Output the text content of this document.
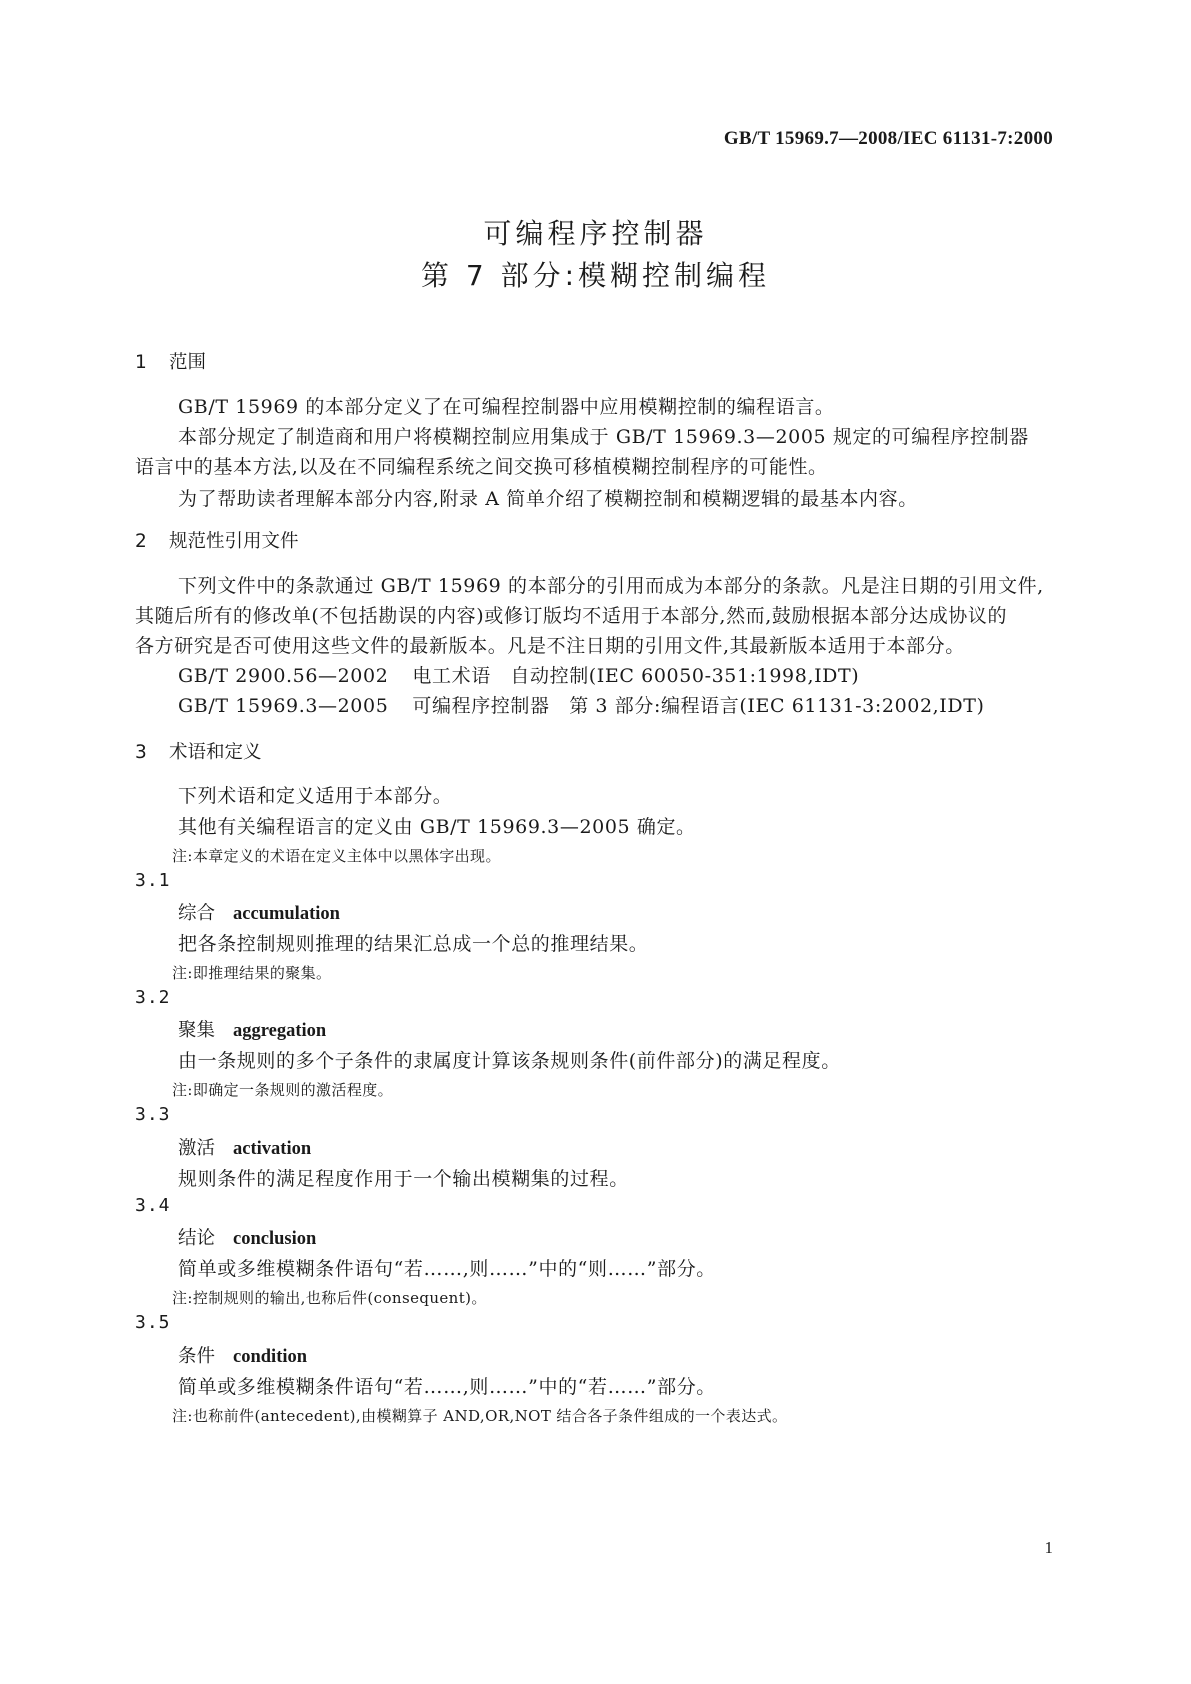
GB/T 15969.7—2008/IEC 61131-7:2000
可编程序控制器
第 7 部分:模糊控制编程
1 范围
GB/T 15969 的本部分定义了在可编程控制器中应用模糊控制的编程语言。
本部分规定了制造商和用户将模糊控制应用集成于 GB/T 15969.3—2005 规定的可编程序控制器
语言中的基本方法,以及在不同编程系统之间交换可移植模糊控制程序的可能性。
为了帮助读者理解本部分内容,附录 A 简单介绍了模糊控制和模糊逻辑的最基本内容。
2 规范性引用文件
下列文件中的条款通过 GB/T 15969 的本部分的引用而成为本部分的条款。凡是注日期的引用文件,
其随后所有的修改单(不包括勘误的内容)或修订版均不适用于本部分,然而,鼓励根据本部分达成协议的
各方研究是否可使用这些文件的最新版本。凡是不注日期的引用文件,其最新版本适用于本部分。
GB/T 2900.56—2002 电工术语　自动控制(IEC 60050-351:1998,IDT)
GB/T 15969.3—2005 可编程序控制器　第 3 部分:编程语言(IEC 61131-3:2002,IDT)
3 术语和定义
下列术语和定义适用于本部分。
其他有关编程语言的定义由 GB/T 15969.3—2005 确定。
注:本章定义的术语在定义主体中以黑体字出现。
3.1
综合 accumulation
把各条控制规则推理的结果汇总成一个总的推理结果。
注:即推理结果的聚集。
3.2
聚集 aggregation
由一条规则的多个子条件的隶属度计算该条规则条件(前件部分)的满足程度。
注:即确定一条规则的激活程度。
3.3
激活 activation
规则条件的满足程度作用于一个输出模糊集的过程。
3.4
结论 conclusion
简单或多维模糊条件语句“若……,则……”中的“则……”部分。
注:控制规则的输出,也称后件(consequent)。
3.5
条件 condition
简单或多维模糊条件语句“若……,则……”中的“若……”部分。
注:也称前件(antecedent),由模糊算子 AND,OR,NOT 结合各子条件组成的一个表达式。
1
